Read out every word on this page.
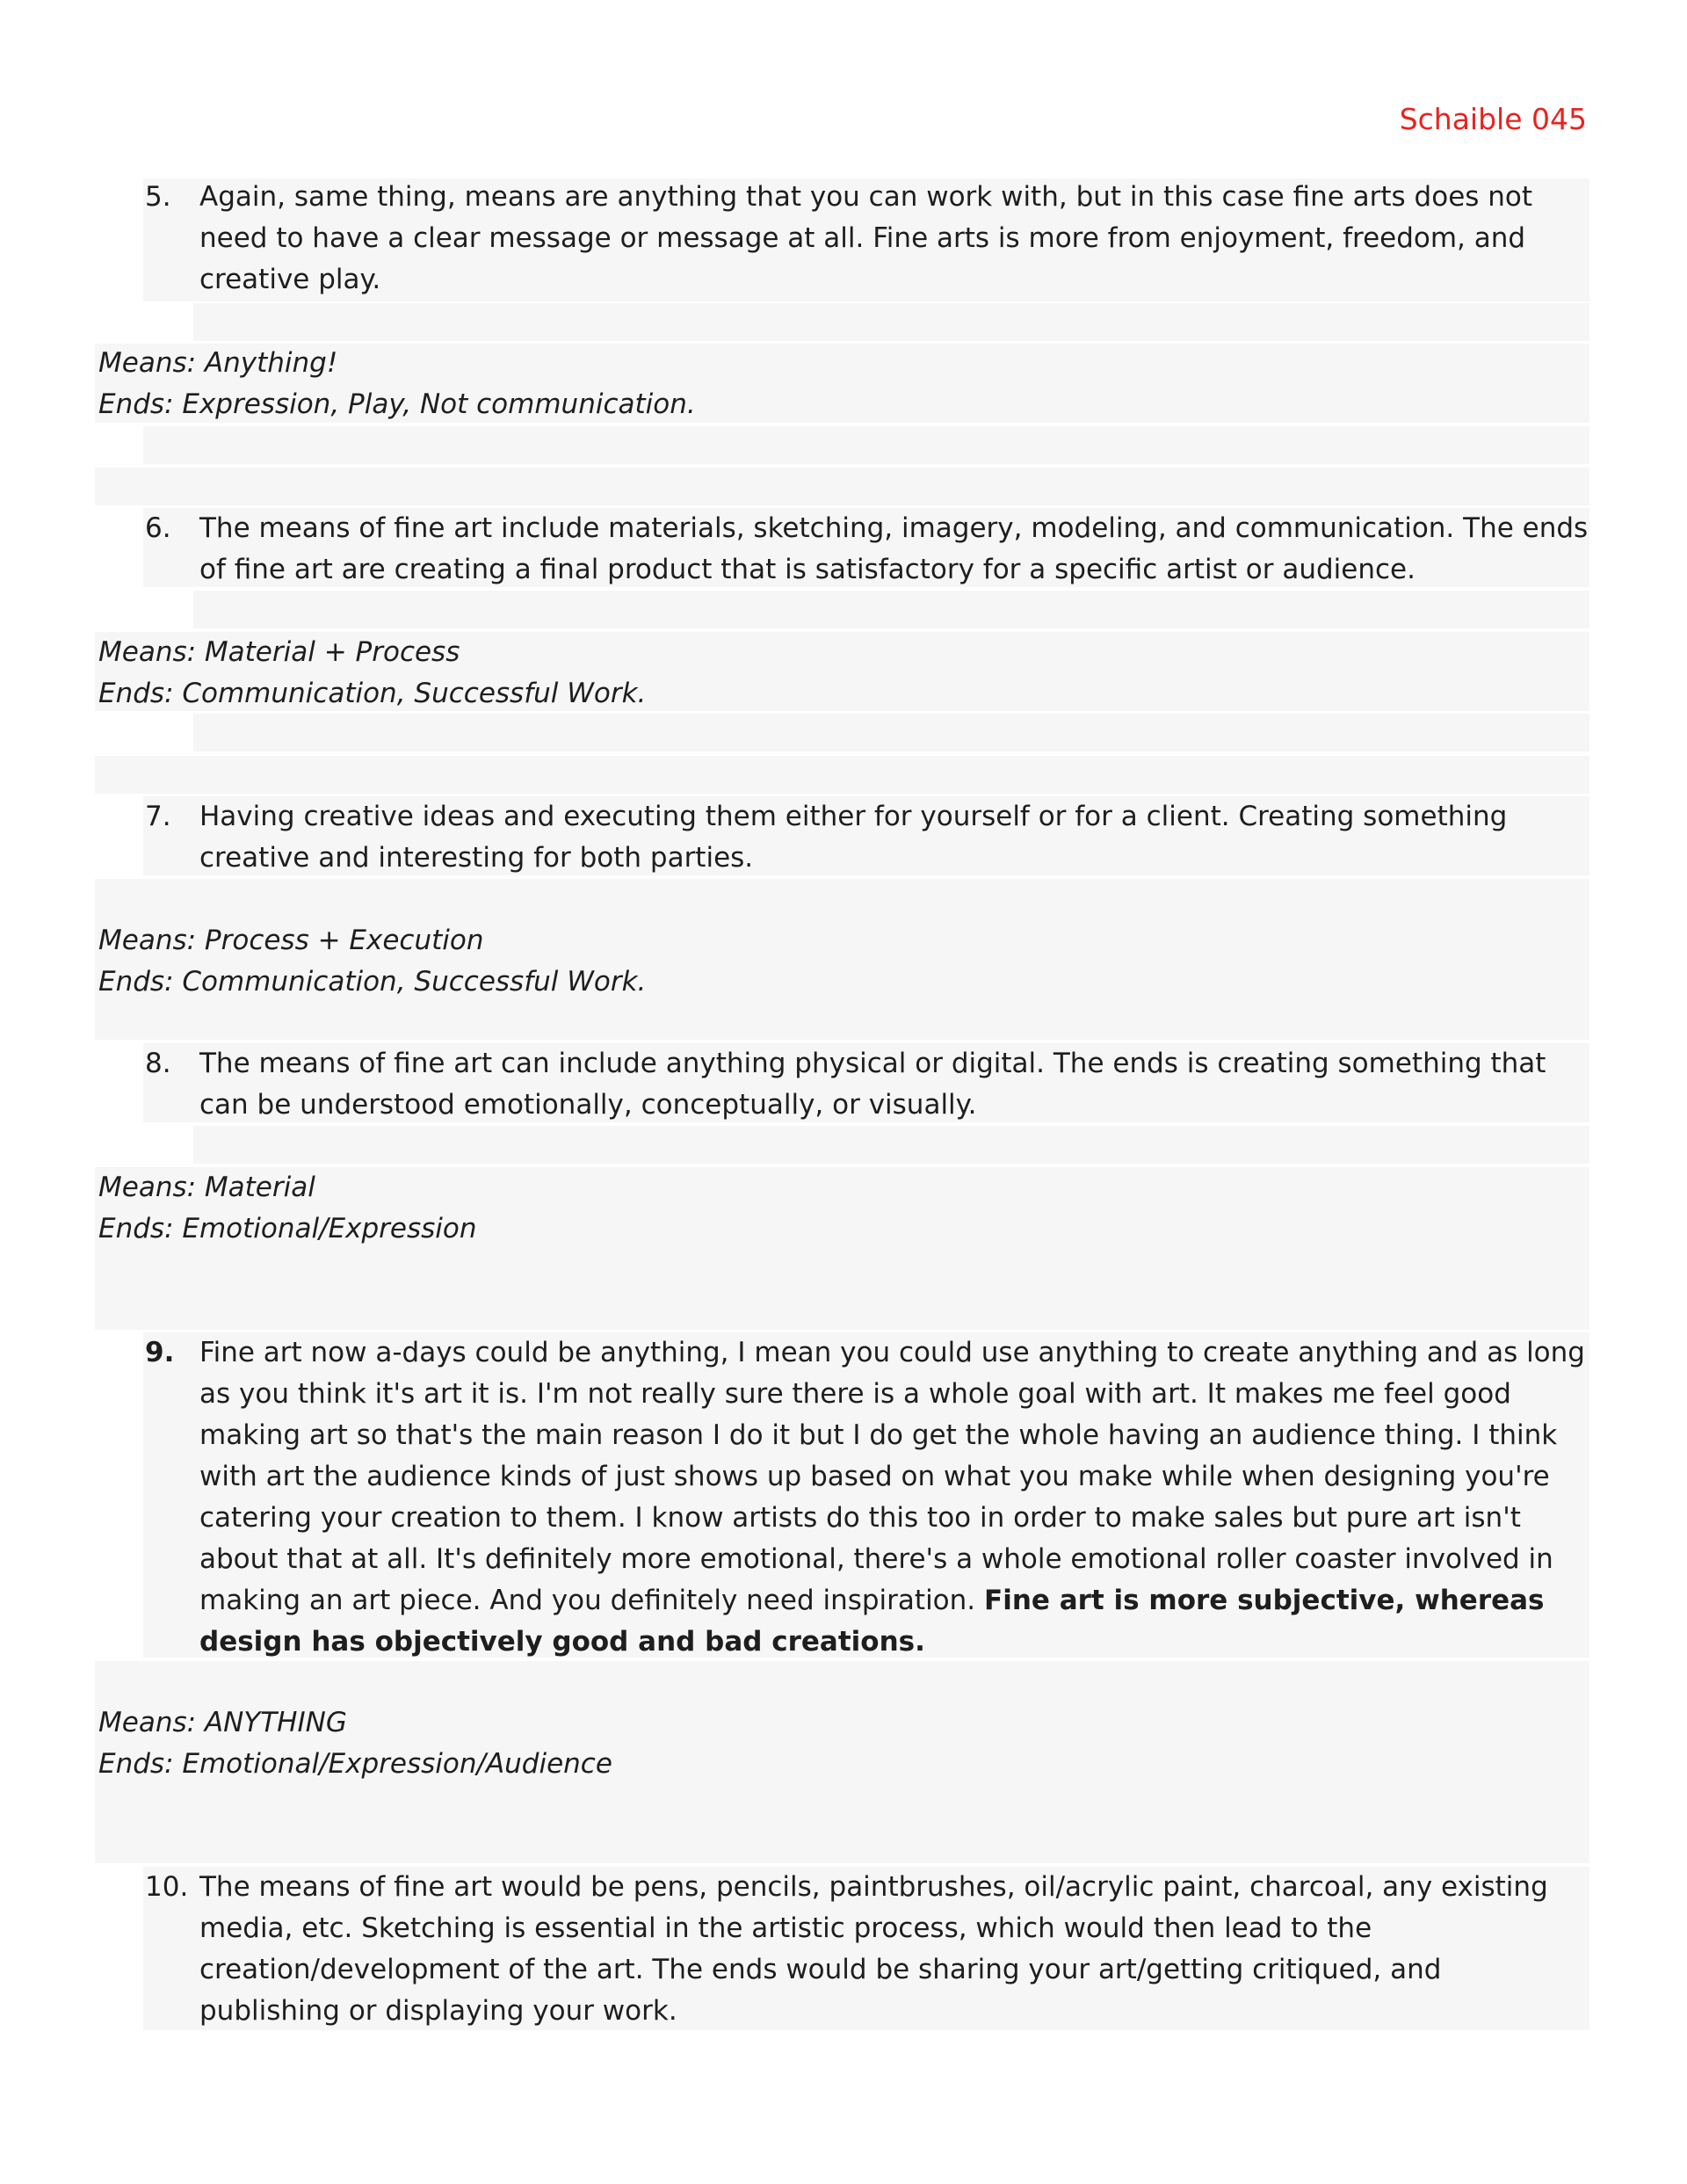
Schaible 045
5.	Again, same thing, means are anything that you can work with, but in this case fine arts does not need to have a clear message or message at all. Fine arts is more from enjoyment, freedom, and creative play.
Means: Anything!
Ends: Expression, Play, Not communication.
6.	The means of fine art include materials, sketching, imagery, modeling, and communication. The ends of fine art are creating a final product that is satisfactory for a specific artist or audience.
Means: Material + Process
Ends: Communication, Successful Work.
7.	Having creative ideas and executing them either for yourself or for a client. Creating something creative and interesting for both parties.
Means: Process + Execution
Ends: Communication, Successful Work.
8.	The means of fine art can include anything physical or digital. The ends is creating something that can be understood emotionally, conceptually, or visually.
Means: Material
Ends: Emotional/Expression
9. Fine art now a-days could be anything, I mean you could use anything to create anything and as long as you think it's art it is. I'm not really sure there is a whole goal with art. It makes me feel good making art so that's the main reason I do it but I do get the whole having an audience thing. I think with art the audience kinds of just shows up based on what you make while when designing you're catering your creation to them. I know artists do this too in order to make sales but pure art isn't about that at all. It's definitely more emotional, there's a whole emotional roller coaster involved in making an art piece. And you definitely need inspiration. Fine art is more subjective, whereas design has objectively good and bad creations.
Means: ANYTHING
Ends: Emotional/Expression/Audience
10. The means of fine art would be pens, pencils, paintbrushes, oil/acrylic paint, charcoal, any existing media, etc. Sketching is essential in the artistic process, which would then lead to the creation/development of the art. The ends would be sharing your art/getting critiqued, and publishing or displaying your work.
